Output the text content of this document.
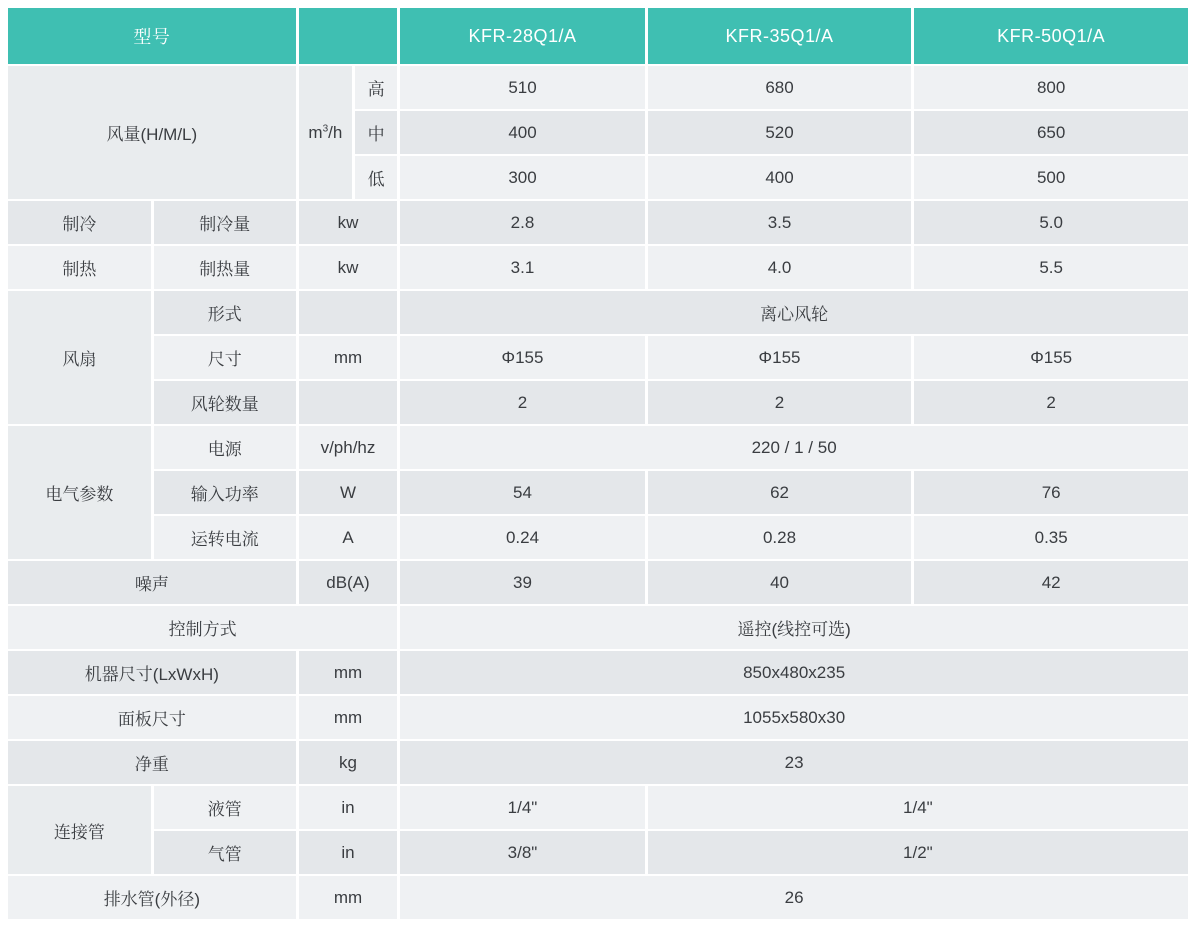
型号				KFR-28Q1/A	KFR-35Q1/A	KFR-50Q1/A
风量(H/M/L)		$m^3/h$	高	510	680	800
			中	400	520	650
			低	300	400	500
制冷	制冷量	kw		2.8	3.5	5.0
制热	制热量	kw		3.1	4.0	5.5
风扇	形式			离心风轮		
	尺寸	mm		Φ155	Φ155	Φ155
	风轮数量			2	2	2
电气参数	电源	v/ph/hz		220 / 1 / 50		
	输入功率	W		54	62	76
	运转电流	A		0.24	0.28	0.35
噪声		dB(A)		39	40	42
控制方式				遥控(线控可选)		
机器尺寸(LxWxH)		mm		850x480x235		
面板尺寸		mm		1055x580x30		
净重		kg		23		
连接管	液管	in		1/4"	1/4"	
	气管	in		3/8"	1/2"	
排水管(外径)		mm		26		
